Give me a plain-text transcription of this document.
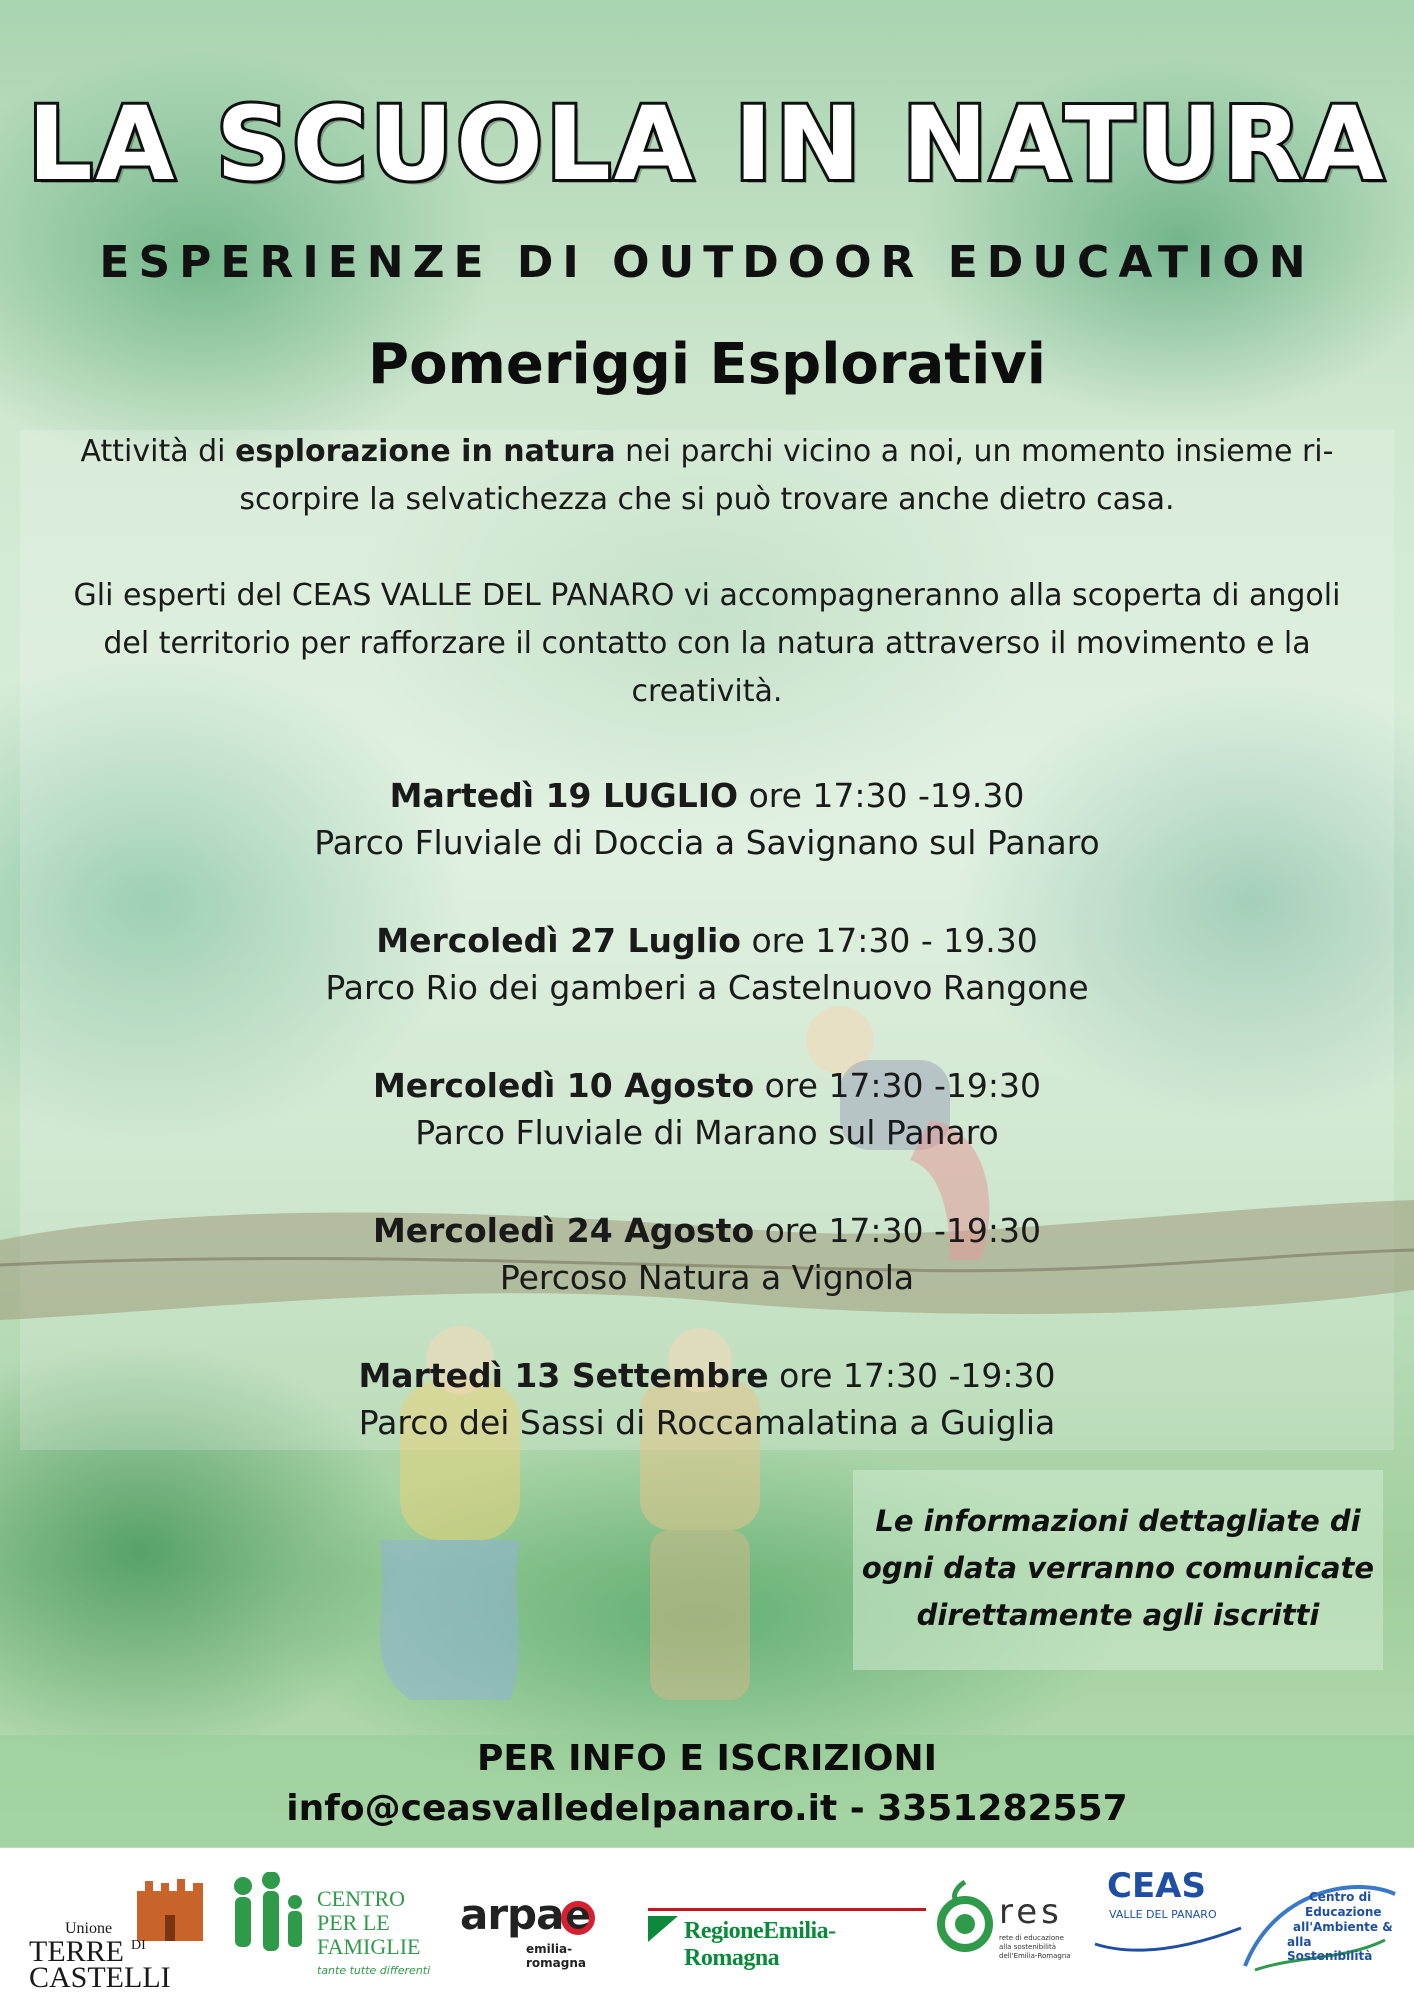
LA SCUOLA IN NATURA
ESPERIENZE DI OUTDOOR EDUCATION
Pomeriggi Esplorativi

Attività di esplorazione in natura nei parchi vicino a noi, un momento insieme ri-scorpire la selvatichezza che si può trovare anche dietro casa.

Gli esperti del CEAS VALLE DEL PANARO vi accompagneranno alla scoperta di angoli del territorio per rafforzare il contatto con la natura attraverso il movimento e la creatività.

Martedì 19 LUGLIO ore 17:30 -19.30
Parco Fluviale di Doccia a Savignano sul Panaro
Mercoledì 27 Luglio ore 17:30 - 19.30
Parco Rio dei gamberi a Castelnuovo Rangone
Mercoledì 10 Agosto ore 17:30 -19:30
Parco Fluviale di Marano sul Panaro
Mercoledì 24 Agosto ore 17:30 -19:30
Percoso Natura a Vignola
Martedì 13 Settembre ore 17:30 -19:30
Parco dei Sassi di Roccamalatina a Guiglia
Le informazioni dettagliate di ogni data verranno comunicate direttamente agli iscritti
PER INFO E ISCRIZIONI
info@ceasvalledelpanaro.it - 3351282557
Unione
TERRE DI
CASTELLI
CENTRO
PER LE
FAMIGLIE
tante tutte differenti
arpae
emilia-romagna
RegioneEmilia-Romagna
res
rete di educazione
alla sostenibilità
dell'Emilia-Romagna
CEAS
VALLE DEL PANARO
Centro di
Educazione
all'Ambiente &
alla Sostenibilità
